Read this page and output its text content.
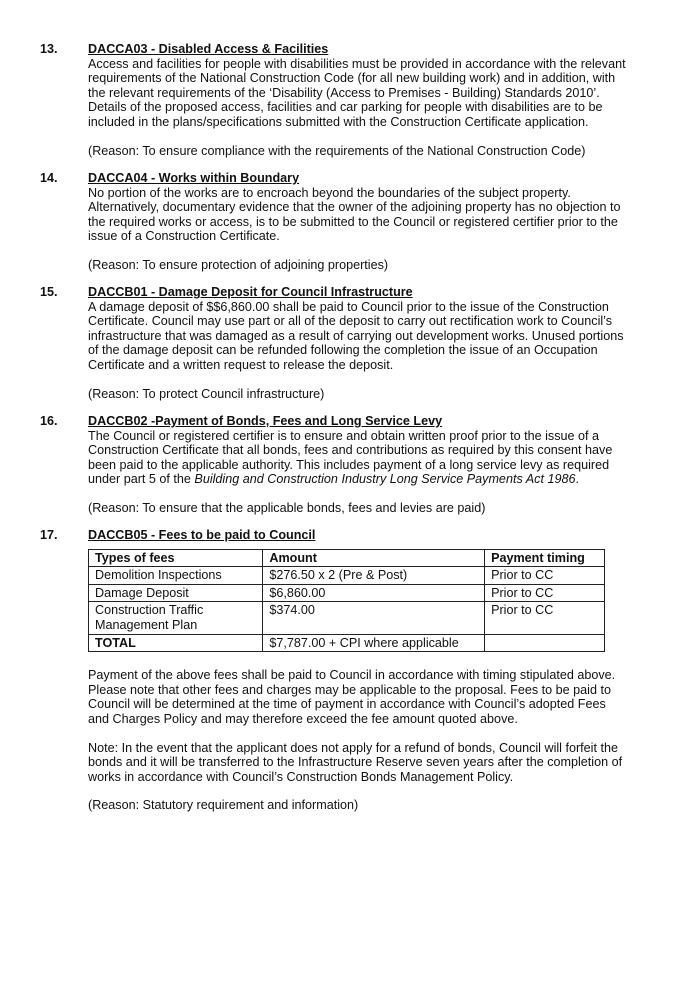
13. DACCA03 - Disabled Access & Facilities

Access and facilities for people with disabilities must be provided in accordance with the relevant requirements of the National Construction Code (for all new building work) and in addition, with the relevant requirements of the ‘Disability (Access to Premises - Building) Standards 2010’. Details of the proposed access, facilities and car parking for people with disabilities are to be included in the plans/specifications submitted with the Construction Certificate application.

(Reason: To ensure compliance with the requirements of the National Construction Code)

14. DACCA04 - Works within Boundary

No portion of the works are to encroach beyond the boundaries of the subject property. Alternatively, documentary evidence that the owner of the adjoining property has no objection to the required works or access, is to be submitted to the Council or registered certifier prior to the issue of a Construction Certificate.

(Reason: To ensure protection of adjoining properties)

15. DACCB01 - Damage Deposit for Council Infrastructure

A damage deposit of $$6,860.00 shall be paid to Council prior to the issue of the Construction Certificate. Council may use part or all of the deposit to carry out rectification work to Council’s infrastructure that was damaged as a result of carrying out development works. Unused portions of the damage deposit can be refunded following the completion the issue of an Occupation Certificate and a written request to release the deposit.

(Reason: To protect Council infrastructure)

16. DACCB02 -Payment of Bonds, Fees and Long Service Levy

The Council or registered certifier is to ensure and obtain written proof prior to the issue of a Construction Certificate that all bonds, fees and contributions as required by this consent have been paid to the applicable authority. This includes payment of a long service levy as required under part 5 of the Building and Construction Industry Long Service Payments Act 1986.

(Reason: To ensure that the applicable bonds, fees and levies are paid)

17. DACCB05 - Fees to be paid to Council

Types of fees	Amount	Payment timing
Demolition Inspections	$276.50 x 2 (Pre & Post)	Prior to CC
Damage Deposit	$6,860.00	Prior to CC
Construction Traffic Management Plan	$374.00	Prior to CC
TOTAL	$7,787.00 + CPI where applicable	

Payment of the above fees shall be paid to Council in accordance with timing stipulated above. Please note that other fees and charges may be applicable to the proposal. Fees to be paid to Council will be determined at the time of payment in accordance with Council’s adopted Fees and Charges Policy and may therefore exceed the fee amount quoted above.

Note: In the event that the applicant does not apply for a refund of bonds, Council will forfeit the bonds and it will be transferred to the Infrastructure Reserve seven years after the completion of works in accordance with Council’s Construction Bonds Management Policy.

(Reason: Statutory requirement and information)
